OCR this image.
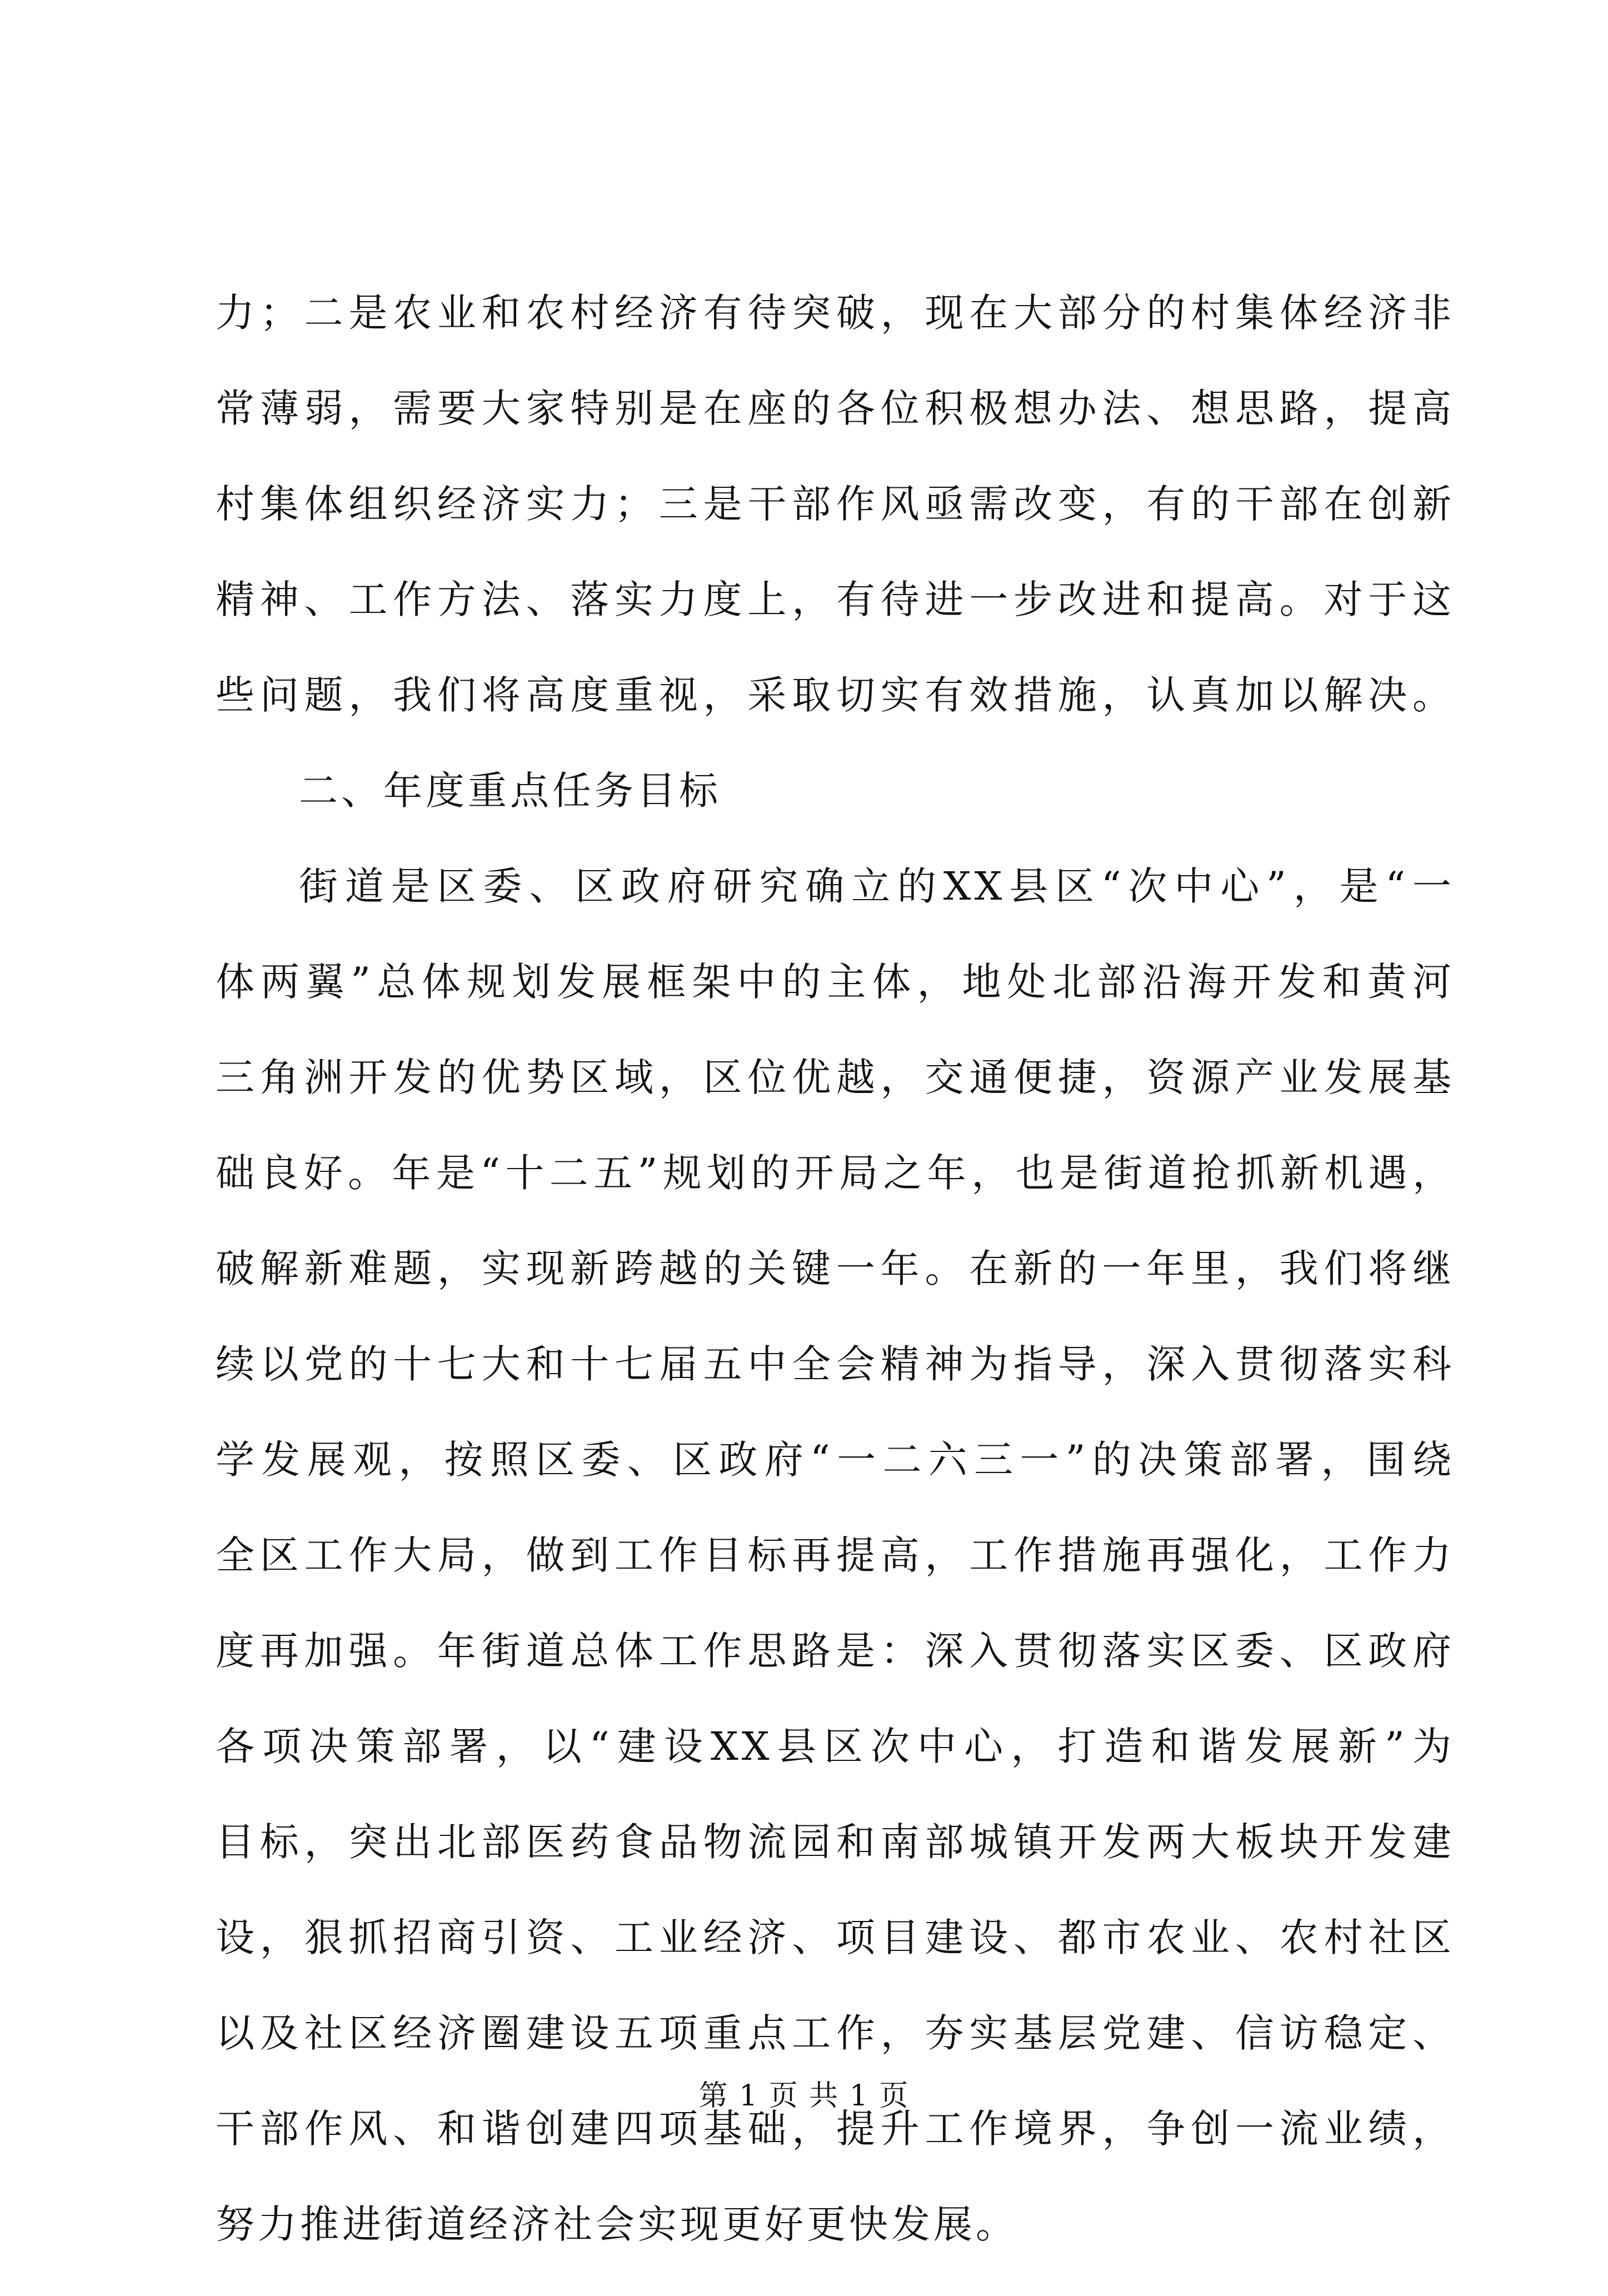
力；二是农业和农村经济有待突破，现在大部分的村集体经济非
常薄弱，需要大家特别是在座的各位积极想办法、想思路，提高
村集体组织经济实力；三是干部作风亟需改变，有的干部在创新
精神、工作方法、落实力度上，有待进一步改进和提高。对于这
些问题，我们将高度重视，采取切实有效措施，认真加以解决。
二、年度重点任务目标
街道是区委、区政府研究确立的XX县区“次中心”，是“一
体两翼”总体规划发展框架中的主体，地处北部沿海开发和黄河
三角洲开发的优势区域，区位优越，交通便捷，资源产业发展基
础良好。年是“十二五”规划的开局之年，也是街道抢抓新机遇，
破解新难题，实现新跨越的关键一年。在新的一年里，我们将继
续以党的十七大和十七届五中全会精神为指导，深入贯彻落实科
学发展观，按照区委、区政府“一二六三一”的决策部署，围绕
全区工作大局，做到工作目标再提高，工作措施再强化，工作力
度再加强。年街道总体工作思路是：深入贯彻落实区委、区政府
各项决策部署，以“建设XX县区次中心，打造和谐发展新”为
目标，突出北部医药食品物流园和南部城镇开发两大板块开发建
设，狠抓招商引资、工业经济、项目建设、都市农业、农村社区
以及社区经济圈建设五项重点工作，夯实基层党建、信访稳定、
干部作风、和谐创建四项基础，提升工作境界，争创一流业绩，
努力推进街道经济社会实现更好更快发展。
第 1 页 共 1 页
